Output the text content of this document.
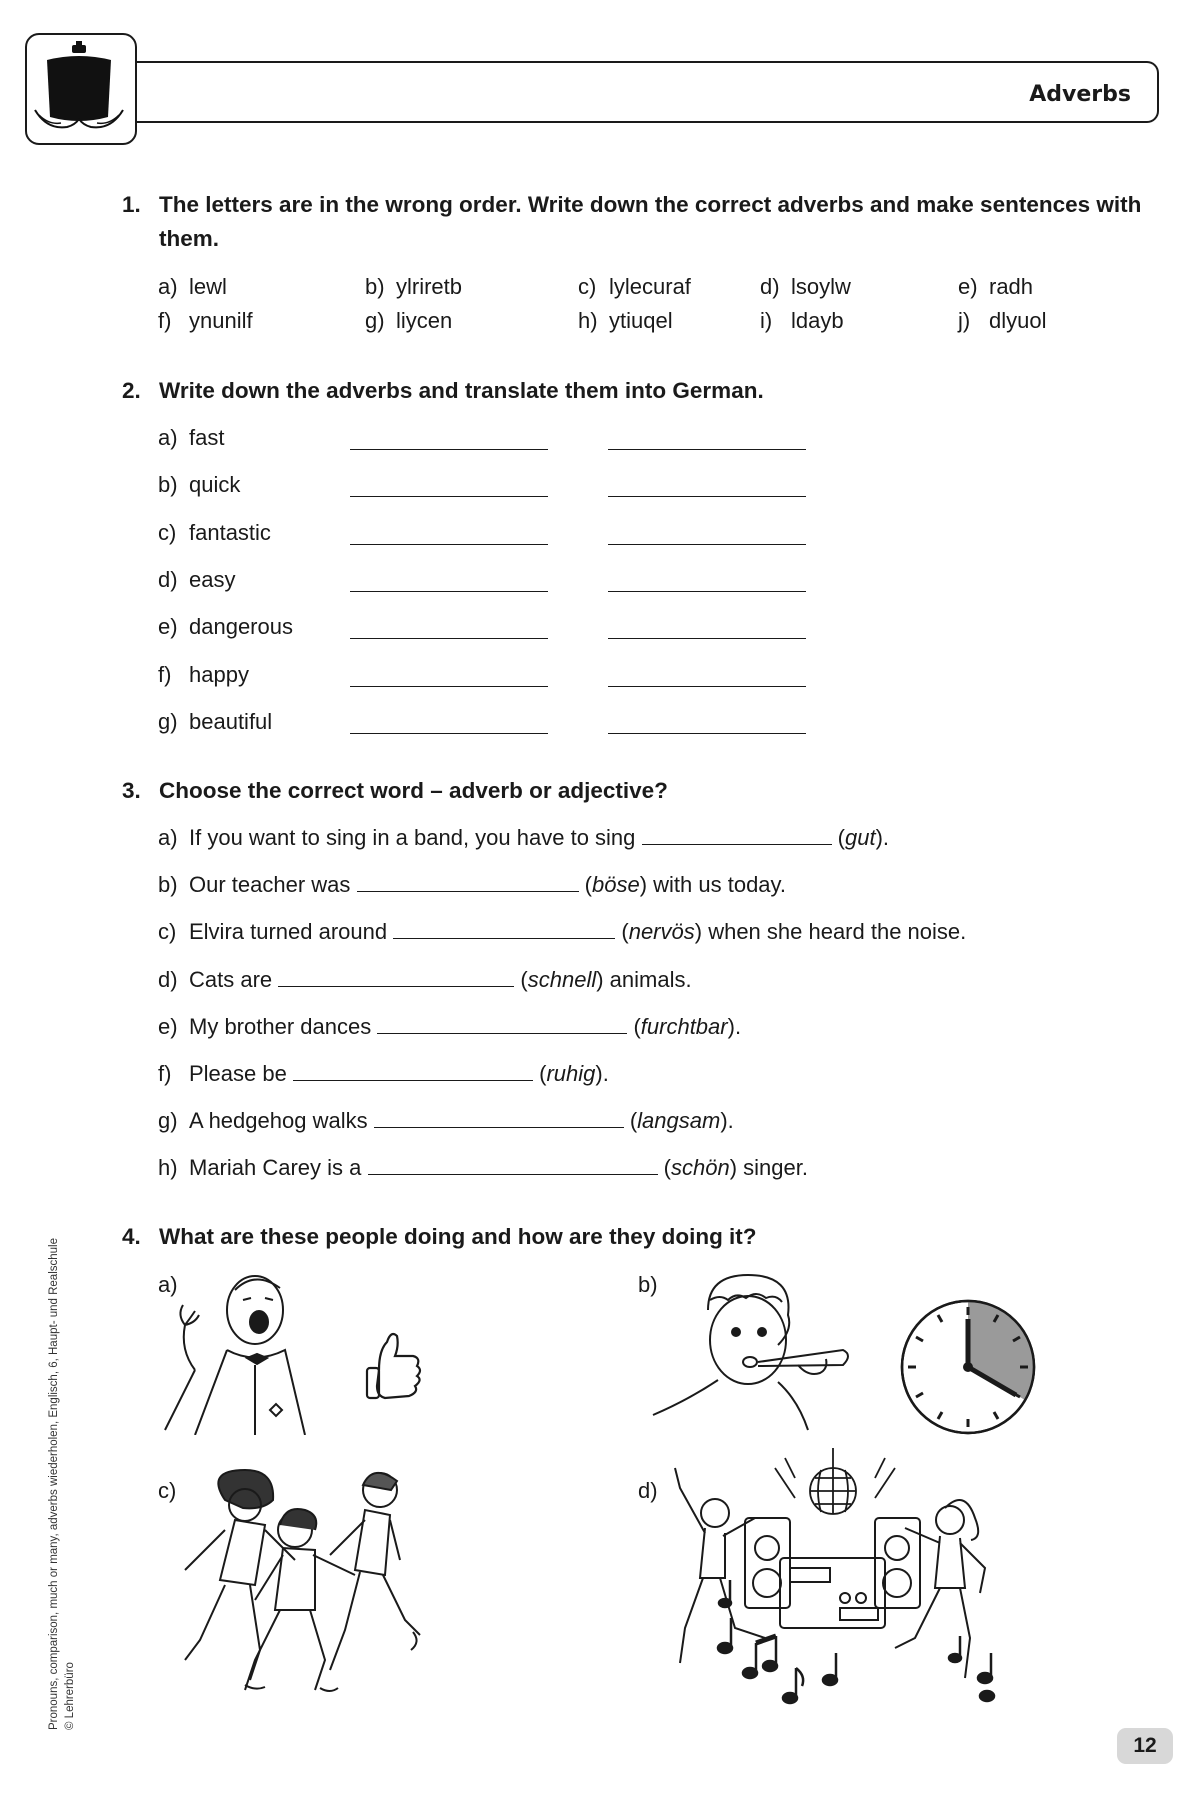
Adverbs
1. The letters are in the wrong order. Write down the correct adverbs and make sentences with them.
a) lewl	b) ylriretb	c) lylecuraf	d) lsoylw	e) radh
f) ynunilf	g) liycen	h) ytiuqel	i) ldayb	j) dlyuol
2. Write down the adverbs and translate them into German.
a) fast
b) quick
c) fantastic
d) easy
e) dangerous
f) happy
g) beautiful
3. Choose the correct word – adverb or adjective?
a) If you want to sing in a band, you have to sing	(gut).
b) Our teacher was	(böse) with us today.
c) Elvira turned around	(nervös) when she heard the noise.
d) Cats are	(schnell) animals.
e) My brother dances	(furchtbar).
f) Please be	(ruhig).
g) A hedgehog walks	(langsam).
h) Mariah Carey is a	(schön) singer.
4. What are these people doing and how are they doing it?
a)	b)
c)	d)
Pronouns, comparison, much or many, adverbs wiederholen, Englisch, 6, Haupt- und Realschule © Lehrerbüro
12
